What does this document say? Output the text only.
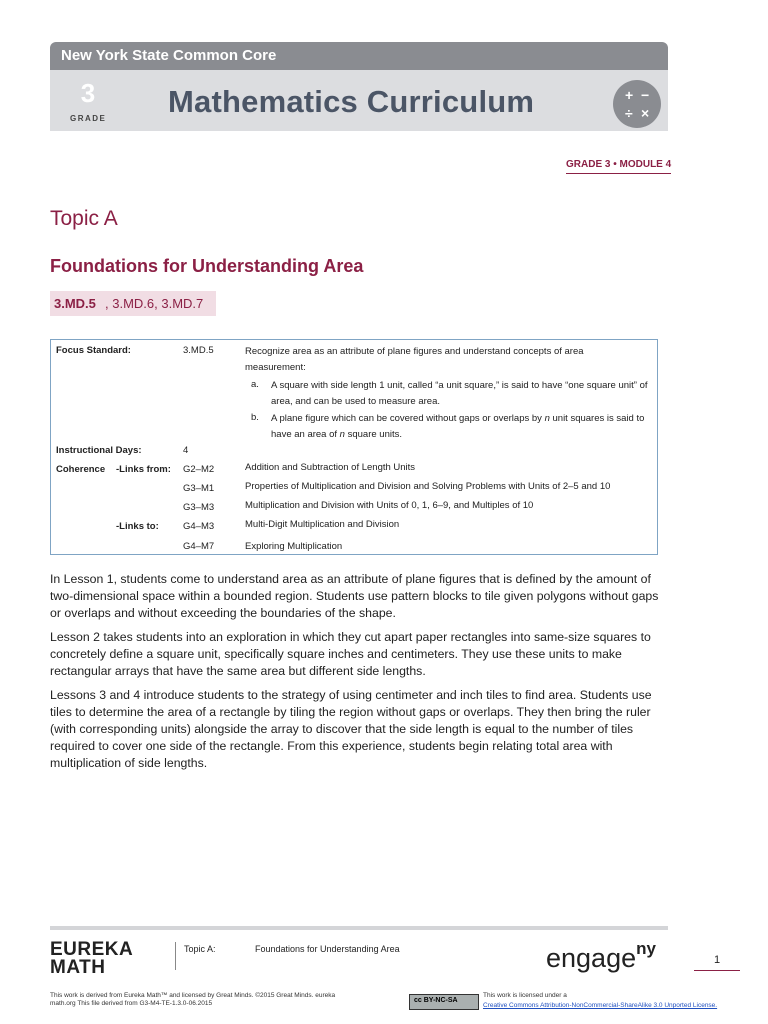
New York State Common Core
3
GRADE Mathematics Curriculum	+ −
÷ ×
GRADE 3 • MODULE 4
Topic A
Foundations for Understanding Area
3.MD.5 , 3.MD.6, 3.MD.7
Focus Standard:	3.MD.5	Recognize area as an attribute of plane figures and understand concepts of area measurement:
a. A square with side length 1 unit, called “a unit square,” is said to have “one square unit” of area, and can be used to measure area.
b. A plane figure which can be covered without gaps or overlaps by n unit squares is said to have an area of n square units.
Instructional Days:	4
Coherence -Links from: G2–M2	Addition and Subtraction of Length Units
G3–M1	Properties of Multiplication and Division and Solving Problems with Units of 2–5 and 10
G3–M3	Multiplication and Division with Units of 0, 1, 6–9, and Multiples of 10
-Links to:	G4–M3	Multi-Digit Multiplication and Division
G4–M7	Exploring Multiplication
In Lesson 1, students come to understand area as an attribute of plane figures that is defined by the amount of two-dimensional space within a bounded region. Students use pattern blocks to tile given polygons without gaps or overlaps and without exceeding the boundaries of the shape.
Lesson 2 takes students into an exploration in which they cut apart paper rectangles into same-size squares to concretely define a square unit, specifically square inches and centimeters. They use these units to make rectangular arrays that have the same area but different side lengths.
Lessons 3 and 4 introduce students to the strategy of using centimeter and inch tiles to find area. Students use tiles to determine the area of a rectangle by tiling the region without gaps or overlaps. They then bring the ruler (with corresponding units) alongside the array to discover that the side length is equal to the number of tiles required to cover one side of the rectangle. From this experience, students begin relating total area with multiplication of side lengths.
EUREKA
MATH
Topic A:	Foundations for Understanding Area	engage$^{ny}$
1
This work is derived from Eureka Math™ and licensed by Great Minds. ©2015 Great Minds. eureka math.org This file derived from G3-M4-TE-1.3.0-06.2015	cc BY-NC-SA
This work is licensed under a
Creative Commons Attribution-NonCommercial-ShareAlike 3.0 Unported License.
